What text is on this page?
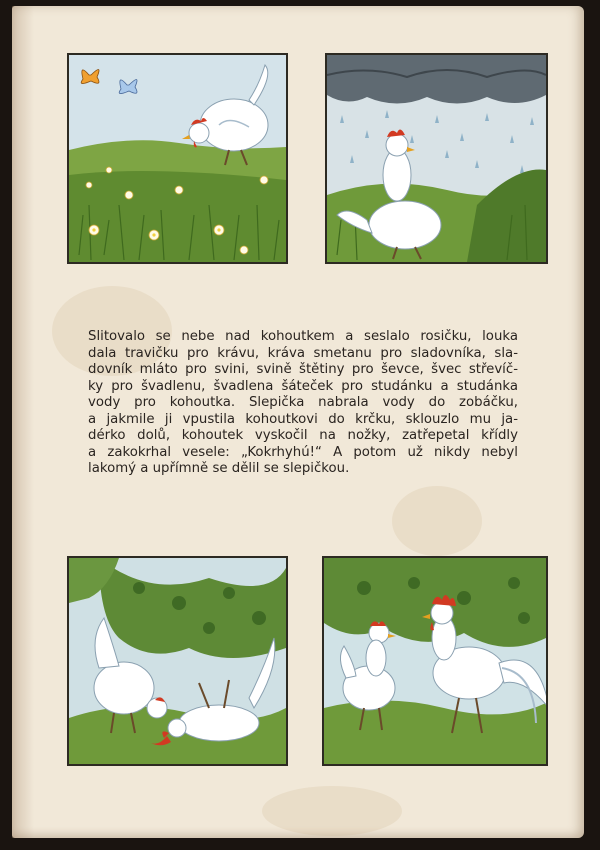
Slitovalo se nebe nad kohoutkem a seslalo rosičku, louka
dala travičku pro krávu, kráva smetanu pro sladovníka, sla-
dovník mláto pro svini, svině štětiny pro ševce, švec střevíč-
ky pro švadlenu, švadlena šáteček pro studánku a studánka
vody pro kohoutka. Slepička nabrala vody do zobáčku,
a jakmile ji vpustila kohoutkovi do krčku, sklouzlo mu ja-
dérko dolů, kohoutek vyskočil na nožky, zatřepetal křídly
a zakokrhal vesele: „Kokrhyhú!“ A potom už nikdy nebyl
lakomý a upřímně se dělil se slepičkou.
